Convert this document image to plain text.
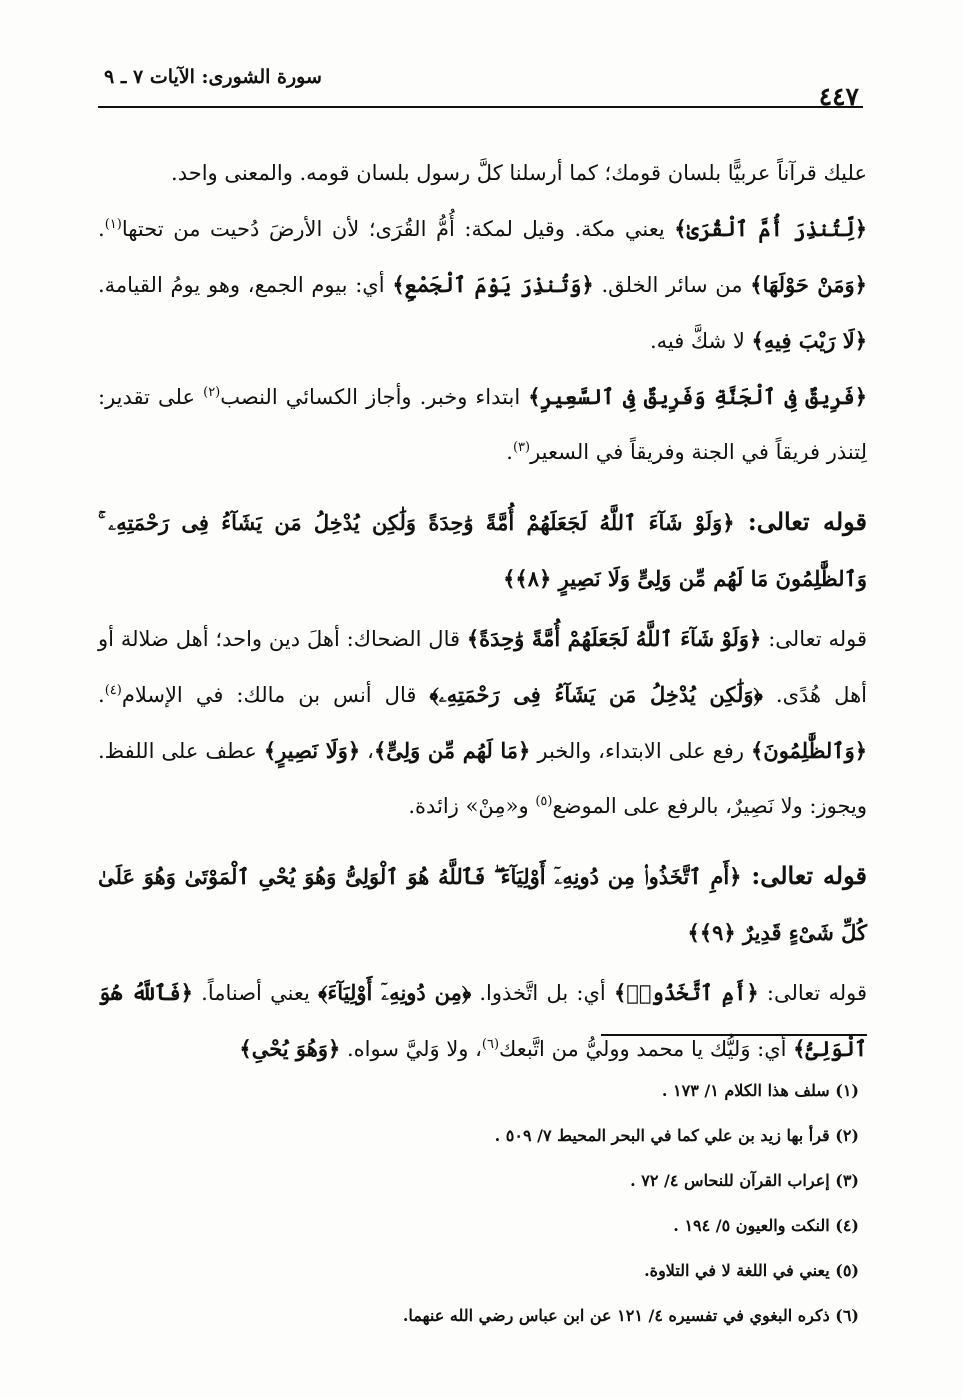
٤٤٧
سورة الشورى: الآيات ٧ ـ ٩

عليك قرآناً عربيًّا بلسان قومك؛ كما أرسلنا كلَّ رسول بلسان قومه. والمعنى واحد.

﴿لِّتُنذِرَ أُمَّ ٱلْقُرَىٰ﴾ يعني مكة. وقيل لمكة: أُمُّ القُرَى؛ لأن الأرضَ دُحيت من تحتها$^{(١)}$. ﴿وَمَنْ حَوْلَهَا﴾ من سائر الخلق. ﴿وَتُنذِرَ يَوْمَ ٱلْجَمْعِ﴾ أي: بيوم الجمع، وهو يومُ القيامة. ﴿لَا رَيْبَ فِيهِ﴾ لا شكَّ فيه.

﴿فَرِيقٌ فِى ٱلْجَنَّةِ وَفَرِيقٌ فِى ٱلسَّعِيرِ﴾ ابتداء وخبر. وأجاز الكسائي النصب$^{(٢)}$ على تقدير: لِتنذر فريقاً في الجنة وفريقاً في السعير$^{(٣)}$.

قوله تعالى: ﴿وَلَوْ شَآءَ ٱللَّهُ لَجَعَلَهُمْ أُمَّةً وَٰحِدَةً وَلَٰكِن يُدْخِلُ مَن يَشَآءُ فِى رَحْمَتِهِۦ ۚ وَٱلظَّٰلِمُونَ مَا لَهُم مِّن وَلِىٍّ وَلَا نَصِيرٍ ﴿٨﴾﴾

قوله تعالى: ﴿وَلَوْ شَآءَ ٱللَّهُ لَجَعَلَهُمْ أُمَّةً وَٰحِدَةً﴾ قال الضحاك: أهلَ دين واحد؛ أهل ضلالة أو أهل هُدًى. ﴿وَلَٰكِن يُدْخِلُ مَن يَشَآءُ فِى رَحْمَتِهِۦ﴾ قال أنس بن مالك: في الإسلام$^{(٤)}$. ﴿وَٱلظَّٰلِمُونَ﴾ رفع على الابتداء، والخبر ﴿مَا لَهُم مِّن وَلِىٍّ﴾، ﴿وَلَا نَصِيرٍ﴾ عطف على اللفظ. ويجوز: ولا نَصِيرٌ، بالرفع على الموضع$^{(٥)}$ و«مِنْ» زائدة.

قوله تعالى: ﴿أَمِ ٱتَّخَذُوا۟ مِن دُونِهِۦٓ أَوْلِيَآءَ ۖ فَٱللَّهُ هُوَ ٱلْوَلِىُّ وَهُوَ يُحْىِ ٱلْمَوْتَىٰ وَهُوَ عَلَىٰ كُلِّ شَىْءٍ قَدِيرٌ ﴿٩﴾﴾

قوله تعالى: ﴿أَمِ ٱتَّخَذُوا۟﴾ أي: بل اتَّخذوا. ﴿مِن دُونِهِۦٓ أَوْلِيَآءَ﴾ يعني أصناماً. ﴿فَٱللَّهُ هُوَ ٱلْوَلِىُّ﴾ أي: وَليُّك يا محمد ووليُّ من اتَّبعك$^{(٦)}$، ولا وَليَّ سواه. ﴿وَهُوَ يُحْىِ﴾

(١) سلف هذا الكلام ١/ ١٧٣ .

(٢) قرأ بها زيد بن علي كما في البحر المحيط ٧/ ٥٠٩ .

(٣) إعراب القرآن للنحاس ٤/ ٧٢ .

(٤) النكت والعيون ٥/ ١٩٤ .

(٥) يعني في اللغة لا في التلاوة.

(٦) ذكره البغوي في تفسيره ٤/ ١٢١ عن ابن عباس رضي الله عنهما.
